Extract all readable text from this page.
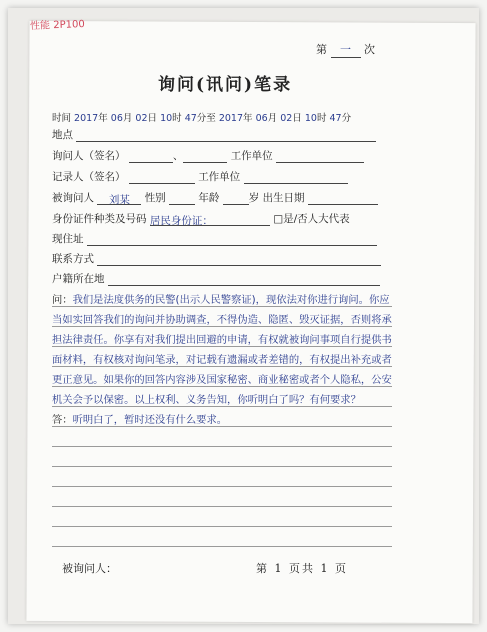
性能 2P100
第 一 次
询问(讯问)笔录
时间 2017年 06月 02日 10时 47分至 2017年 06月 02日 10时 47分
地点
询问人（签名）	、	工作单位
记录人（签名）	工作单位
被询问人 刘某 性别	年龄	岁 出生日期
身份证件种类及号码 居民身份证：	□是/否人大代表
现住址
联系方式
户籍所在地
问：我们是法度供务的民警(出示人民警察证)，现依法对你进行询问。你应当如实回答我们的询问并协助调查，不得伪造、隐匿、毁灭证据，否则将承担法律责任。你享有对我们提出回避的申请，有权就被询问事项自行提供书面材料，有权核对询问笔录，对记载有遗漏或者差错的，有权提出补充或者更正意见。如果你的回答内容涉及国家秘密、商业秘密或者个人隐私，公安机关会予以保密。以上权利、义务告知，你听明白了吗？有何要求？
答：听明白了，暂时还没有什么要求。
被询问人：	第 1 页共 1 页
